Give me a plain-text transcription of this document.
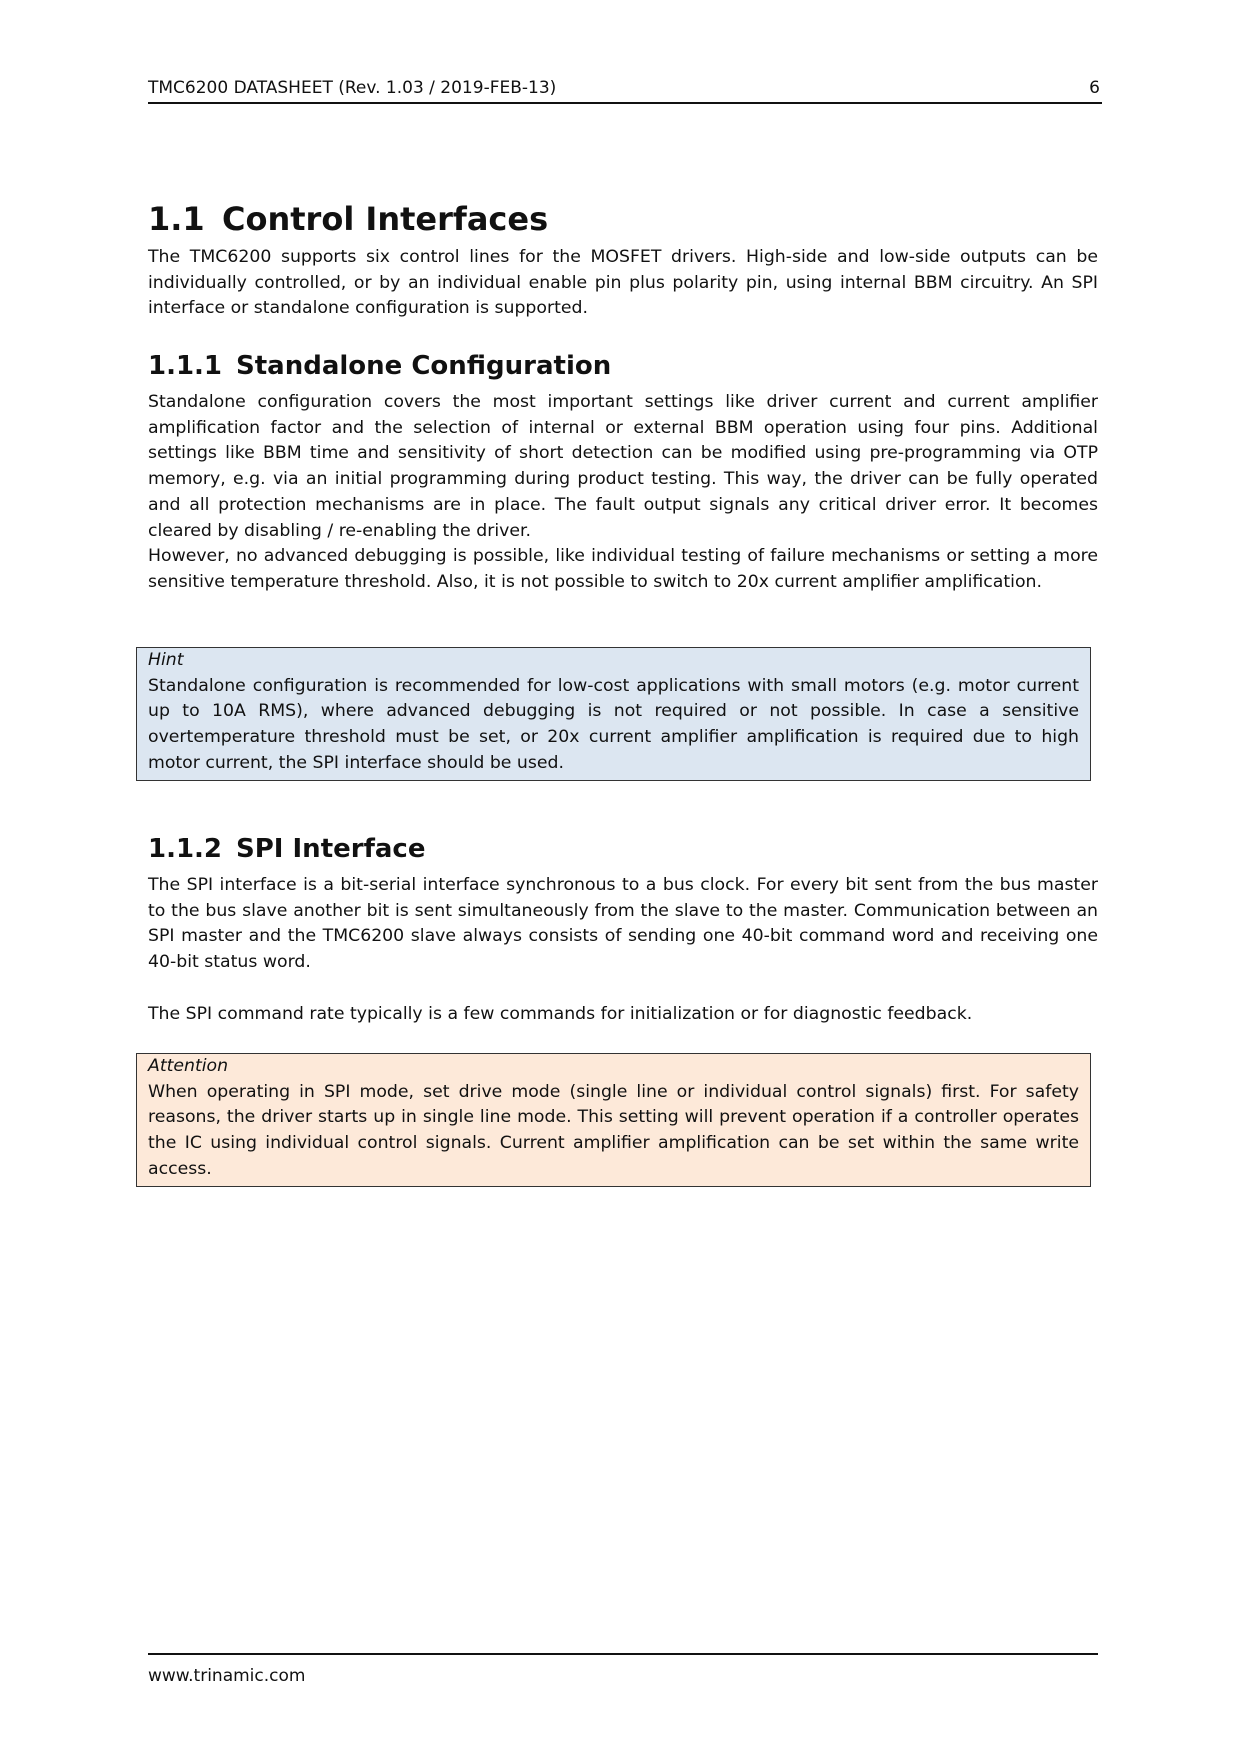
TMC6200 DATASHEET (Rev. 1.03 / 2019-FEB-13)	6
1.1 Control Interfaces

The TMC6200 supports six control lines for the MOSFET drivers. High-side and low-side outputs can be individually controlled, or by an individual enable pin plus polarity pin, using internal BBM circuitry. An SPI interface or standalone configuration is supported.

1.1.1 Standalone Configuration

Standalone configuration covers the most important settings like driver current and current amplifier amplification factor and the selection of internal or external BBM operation using four pins. Additional settings like BBM time and sensitivity of short detection can be modified using pre-programming via OTP memory, e.g. via an initial programming during product testing. This way, the driver can be fully operated and all protection mechanisms are in place. The fault output signals any critical driver error. It becomes cleared by disabling / re-enabling the driver.

However, no advanced debugging is possible, like individual testing of failure mechanisms or setting a more sensitive temperature threshold. Also, it is not possible to switch to 20x current amplifier amplification.

Hint

Standalone configuration is recommended for low-cost applications with small motors (e.g. motor current up to 10A RMS), where advanced debugging is not required or not possible. In case a sensitive overtemperature threshold must be set, or 20x current amplifier amplification is required due to high motor current, the SPI interface should be used.

1.1.2 SPI Interface

The SPI interface is a bit-serial interface synchronous to a bus clock. For every bit sent from the bus master to the bus slave another bit is sent simultaneously from the slave to the master. Communication between an SPI master and the TMC6200 slave always consists of sending one 40-bit command word and receiving one 40-bit status word.

The SPI command rate typically is a few commands for initialization or for diagnostic feedback.

Attention

When operating in SPI mode, set drive mode (single line or individual control signals) first. For safety reasons, the driver starts up in single line mode. This setting will prevent operation if a controller operates the IC using individual control signals. Current amplifier amplification can be set within the same write access.

www.trinamic.com
